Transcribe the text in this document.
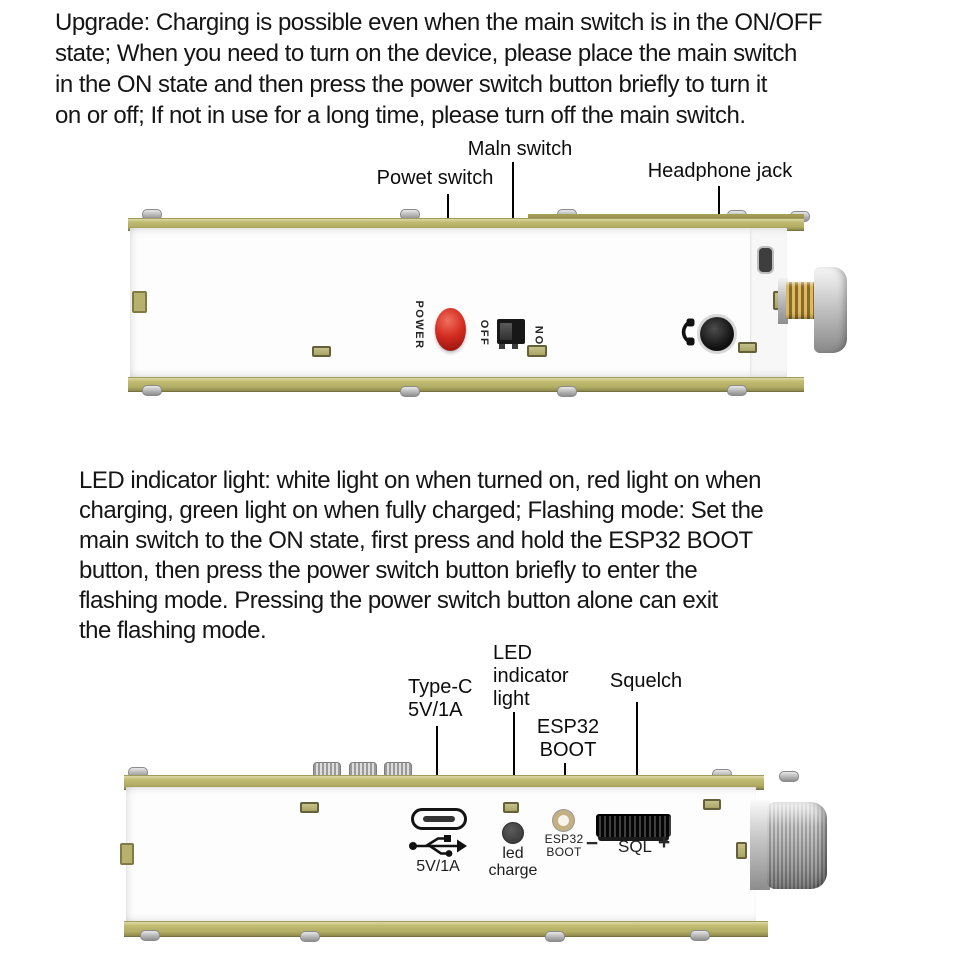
Upgrade: Charging is possible even when the main switch is in the ON/OFF
state; When you need to turn on the device, please place the main switch
in the ON state and then press the power switch button briefly to turn it
on or off; If not in use for a long time, please turn off the main switch.
Maln switch
Powet switch	Headphone jack
POWER	OFF	ON
LED indicator light: white light on when turned on, red light on when
charging, green light on when fully charged; Flashing mode: Set the
main switch to the ON state, first press and hold the ESP32 BOOT
button, then press the power switch button briefly to enter the
flashing mode. Pressing the power switch button alone can exit
the flashing mode.
Type-C
5V/1A
LED
indicator
light
ESP32
BOOT
Squelch
5V/1A
led
charge
ESP32
BOOT −	SQL +
